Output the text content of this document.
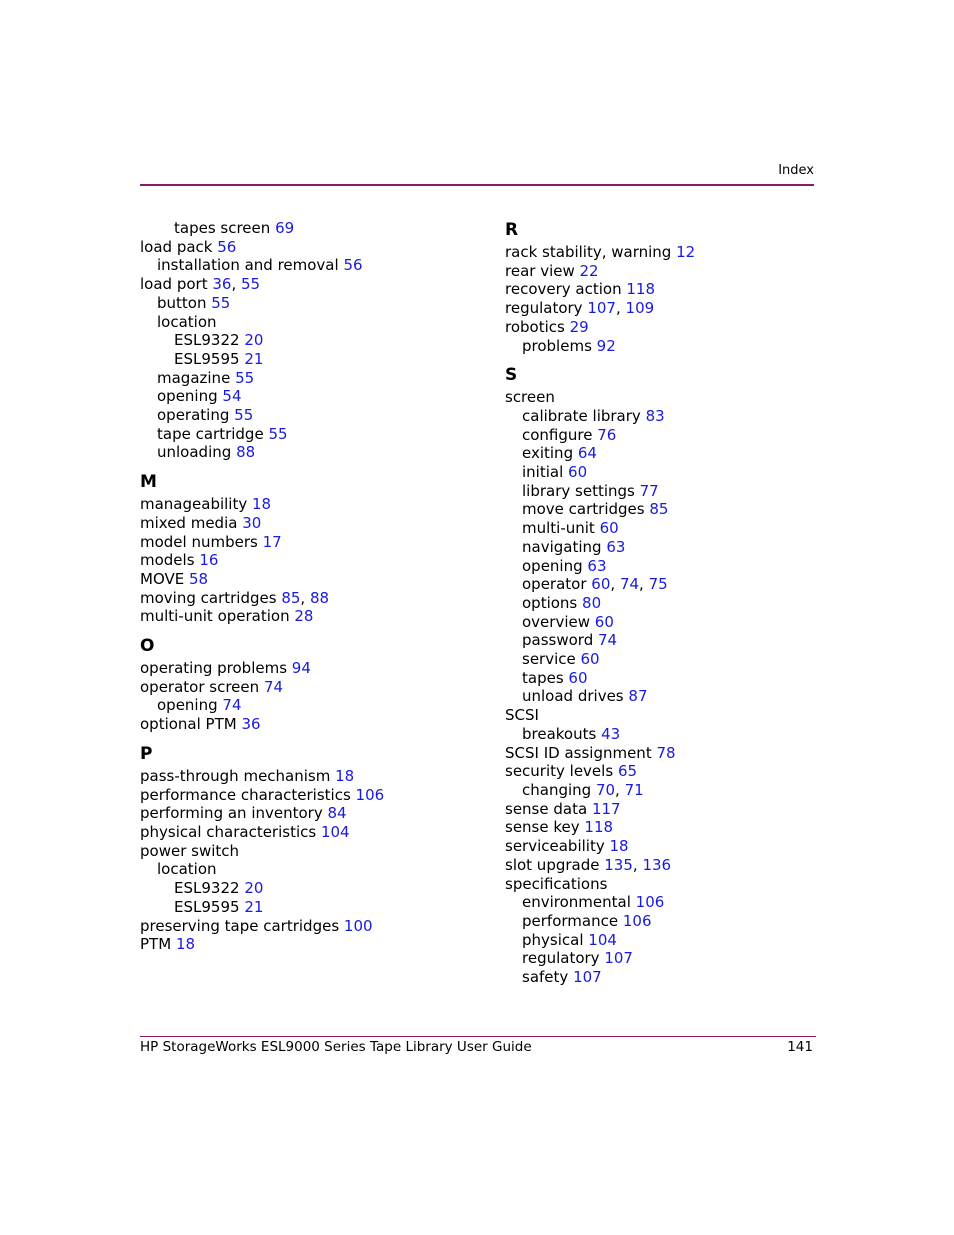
Index
tapes screen 69
load pack 56
installation and removal 56
load port 36, 55
button 55
location
ESL9322 20
ESL9595 21
magazine 55
opening 54
operating 55
tape cartridge 55
unloading 88
M
manageability 18
mixed media 30
model numbers 17
models 16
MOVE 58
moving cartridges 85, 88
multi-unit operation 28
O
operating problems 94
operator screen 74
opening 74
optional PTM 36
P
pass-through mechanism 18
performance characteristics 106
performing an inventory 84
physical characteristics 104
power switch
location
ESL9322 20
ESL9595 21
preserving tape cartridges 100
PTM 18
R
rack stability, warning 12
rear view 22
recovery action 118
regulatory 107, 109
robotics 29
problems 92
S
screen
calibrate library 83
configure 76
exiting 64
initial 60
library settings 77
move cartridges 85
multi-unit 60
navigating 63
opening 63
operator 60, 74, 75
options 80
overview 60
password 74
service 60
tapes 60
unload drives 87
SCSI
breakouts 43
SCSI ID assignment 78
security levels 65
changing 70, 71
sense data 117
sense key 118
serviceability 18
slot upgrade 135, 136
specifications
environmental 106
performance 106
physical 104
regulatory 107
safety 107
HP StorageWorks ESL9000 Series Tape Library User Guide	141
